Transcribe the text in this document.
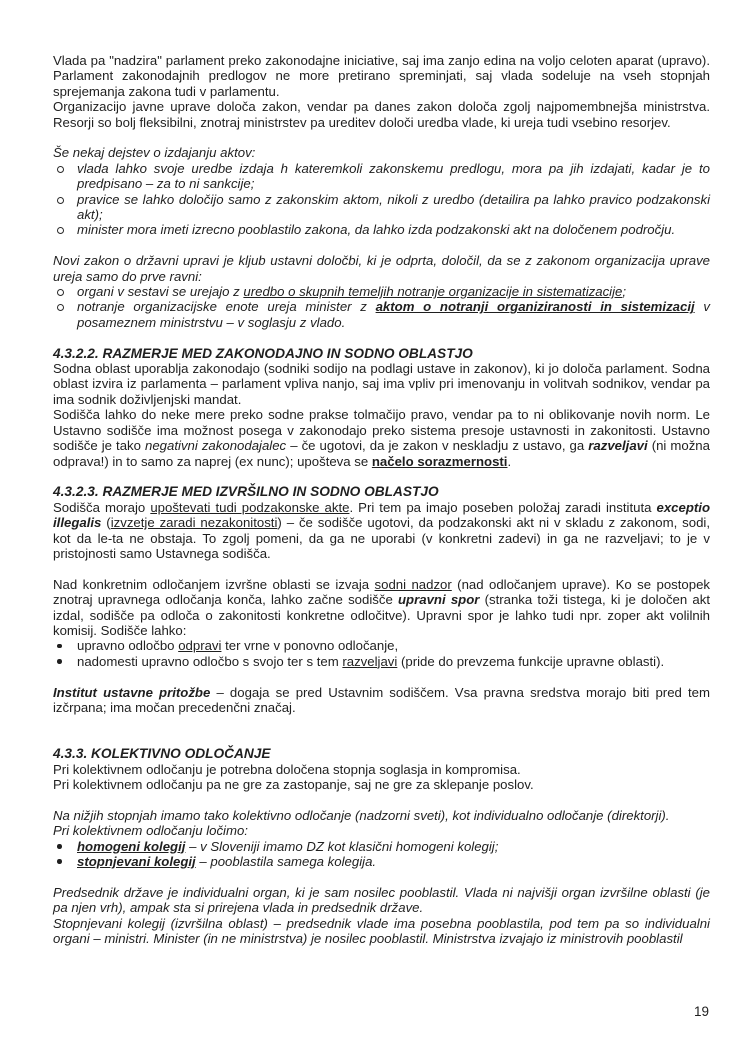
Vlada pa "nadzira" parlament preko zakonodajne iniciative, saj ima zanjo edina na voljo celoten aparat (upravo). Parlament zakonodajnih predlogov ne more pretirano spreminjati, saj vlada sodeluje na vseh stopnjah sprejemanja zakona tudi v parlamentu.

Organizacijo javne uprave določa zakon, vendar pa danes zakon določa zgolj najpomembnejša ministrstva. Resorji so bolj fleksibilni, znotraj ministrstev pa ureditev določi uredba vlade, ki ureja tudi vsebino resorjev.

Še nekaj dejstev o izdajanju aktov:

vlada lahko svoje uredbe izdaja h kateremkoli zakonskemu predlogu, mora pa jih izdajati, kadar je to predpisano – za to ni sankcije;
pravice se lahko določijo samo z zakonskim aktom, nikoli z uredbo (detailira pa lahko pravico podzakonski akt);
minister mora imeti izrecno pooblastilo zakona, da lahko izda podzakonski akt na določenem področju.

Novi zakon o državni upravi je kljub ustavni določbi, ki je odprta, določil, da se z zakonom organizacija uprave ureja samo do prve ravni:

organi v sestavi se urejajo z uredbo o skupnih temeljih notranje organizacije in sistematizacije;
notranje organizacijske enote ureja minister z aktom o notranji organiziranosti in sistemizacij v posameznem ministrstvu – v soglasju z vlado.
4.3.2.2. RAZMERJE MED ZAKONODAJNO IN SODNO OBLASTJO

Sodna oblast uporablja zakonodajo (sodniki sodijo na podlagi ustave in zakonov), ki jo določa parlament. Sodna oblast izvira iz parlamenta – parlament vpliva nanjo, saj ima vpliv pri imenovanju in volitvah sodnikov, vendar pa ima sodnik doživljenjski mandat.

Sodišča lahko do neke mere preko sodne prakse tolmačijo pravo, vendar pa to ni oblikovanje novih norm. Le Ustavno sodišče ima možnost posega v zakonodajo preko sistema presoje ustavnosti in zakonitosti. Ustavno sodišče je tako negativni zakonodajalec – če ugotovi, da je zakon v neskladju z ustavo, ga razveljavi (ni možna odprava!) in to samo za naprej (ex nunc); upošteva se načelo sorazmernosti.

4.3.2.3. RAZMERJE MED IZVRŠILNO IN SODNO OBLASTJO

Sodišča morajo upoštevati tudi podzakonske akte. Pri tem pa imajo poseben položaj zaradi instituta exceptio illegalis (izvzetje zaradi nezakonitosti) – če sodišče ugotovi, da podzakonski akt ni v skladu z zakonom, sodi, kot da le-ta ne obstaja. To zgolj pomeni, da ga ne uporabi (v konkretni zadevi) in ga ne razveljavi; to je v pristojnosti samo Ustavnega sodišča.

Nad konkretnim odločanjem izvršne oblasti se izvaja sodni nadzor (nad odločanjem uprave). Ko se postopek znotraj upravnega odločanja konča, lahko začne sodišče upravni spor (stranka toži tistega, ki je določen akt izdal, sodišče pa odloča o zakonitosti konkretne odločitve). Upravni spor je lahko tudi npr. zoper akt volilnih komisij. Sodišče lahko:

upravno odločbo odpravi ter vrne v ponovno odločanje,
nadomesti upravno odločbo s svojo ter s tem razveljavi (pride do prevzema funkcije upravne oblasti).

Institut ustavne pritožbe – dogaja se pred Ustavnim sodiščem. Vsa pravna sredstva morajo biti pred tem izčrpana; ima močan precedenčni značaj.

4.3.3. KOLEKTIVNO ODLOČANJE

Pri kolektivnem odločanju je potrebna določena stopnja soglasja in kompromisa.

Pri kolektivnem odločanju pa ne gre za zastopanje, saj ne gre za sklepanje poslov.

Na nižjih stopnjah imamo tako kolektivno odločanje (nadzorni sveti), kot individualno odločanje (direktorji).

Pri kolektivnem odločanju ločimo:

homogeni kolegij – v Sloveniji imamo DZ kot klasični homogeni kolegij;
stopnjevani kolegij – pooblastila samega kolegija.

Predsednik države je individualni organ, ki je sam nosilec pooblastil. Vlada ni najvišji organ izvršilne oblasti (je pa njen vrh), ampak sta si prirejena vlada in predsednik države.

Stopnjevani kolegij (izvršilna oblast) – predsednik vlade ima posebna pooblastila, pod tem pa so individualni organi – ministri. Minister (in ne ministrstva) je nosilec pooblastil. Ministrstva izvajajo iz ministrovih pooblastil

19
